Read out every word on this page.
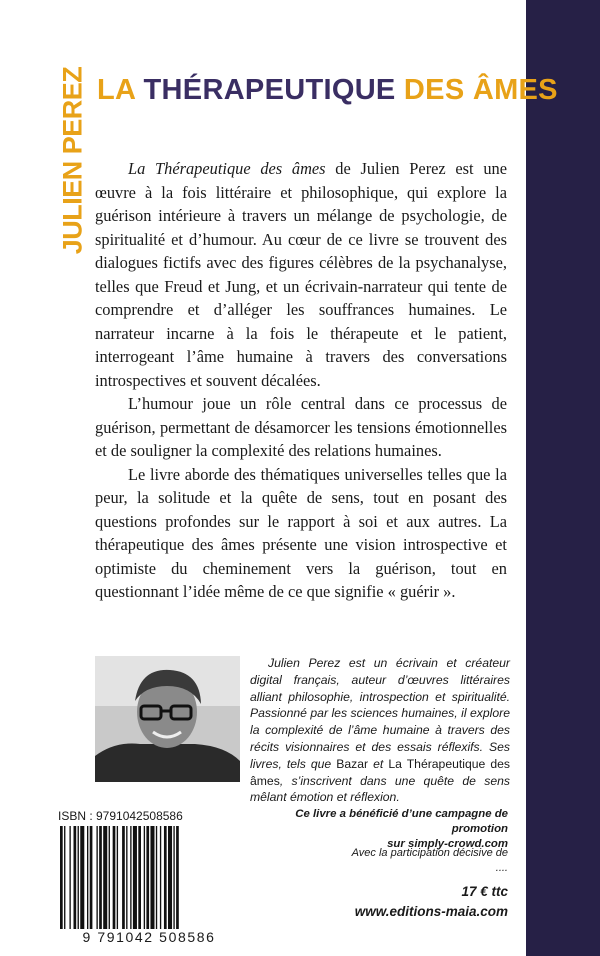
JULIEN PEREZ LA THÉRAPEUTIQUE DES ÂMES

La Thérapeutique des âmes de Julien Perez est une œuvre à la fois littéraire et philosophique, qui explore la guérison intérieure à travers un mélange de psychologie, de spiritualité et d’humour. Au cœur de ce livre se trouvent des dialogues fictifs avec des figures célèbres de la psychanalyse, telles que Freud et Jung, et un écrivain-narrateur qui tente de comprendre et d’alléger les souffrances humaines. Le narrateur incarne à la fois le thérapeute et le patient, interrogeant l’âme humaine à travers des conversations introspectives et souvent décalées.

L’humour joue un rôle central dans ce processus de guérison, permettant de désamorcer les tensions émotionnelles et de souligner la complexité des relations humaines.

Le livre aborde des thématiques universelles telles que la peur, la solitude et la quête de sens, tout en posant des questions profondes sur le rapport à soi et aux autres. La thérapeutique des âmes présente une vision introspective et optimiste du cheminement vers la guérison, tout en questionnant l’idée même de ce que signifie « guérir ».

Julien Perez est un écrivain et créateur digital français, auteur d’œuvres littéraires alliant philosophie, introspection et spiritualité. Passionné par les sciences humaines, il explore la complexité de l’âme humaine à travers des récits visionnaires et des essais réflexifs. Ses livres, tels que Bazar et La Thérapeutique des âmes, s’inscrivent dans une quête de sens mêlant émotion et réflexion.
ISBN : 9791042508586
9 791042 508586
Ce livre a bénéficié d’une campagne de promotion
sur simply-crowd.com
Avec la participation décisive de
....
17 € ttc
www.editions-maia.com
